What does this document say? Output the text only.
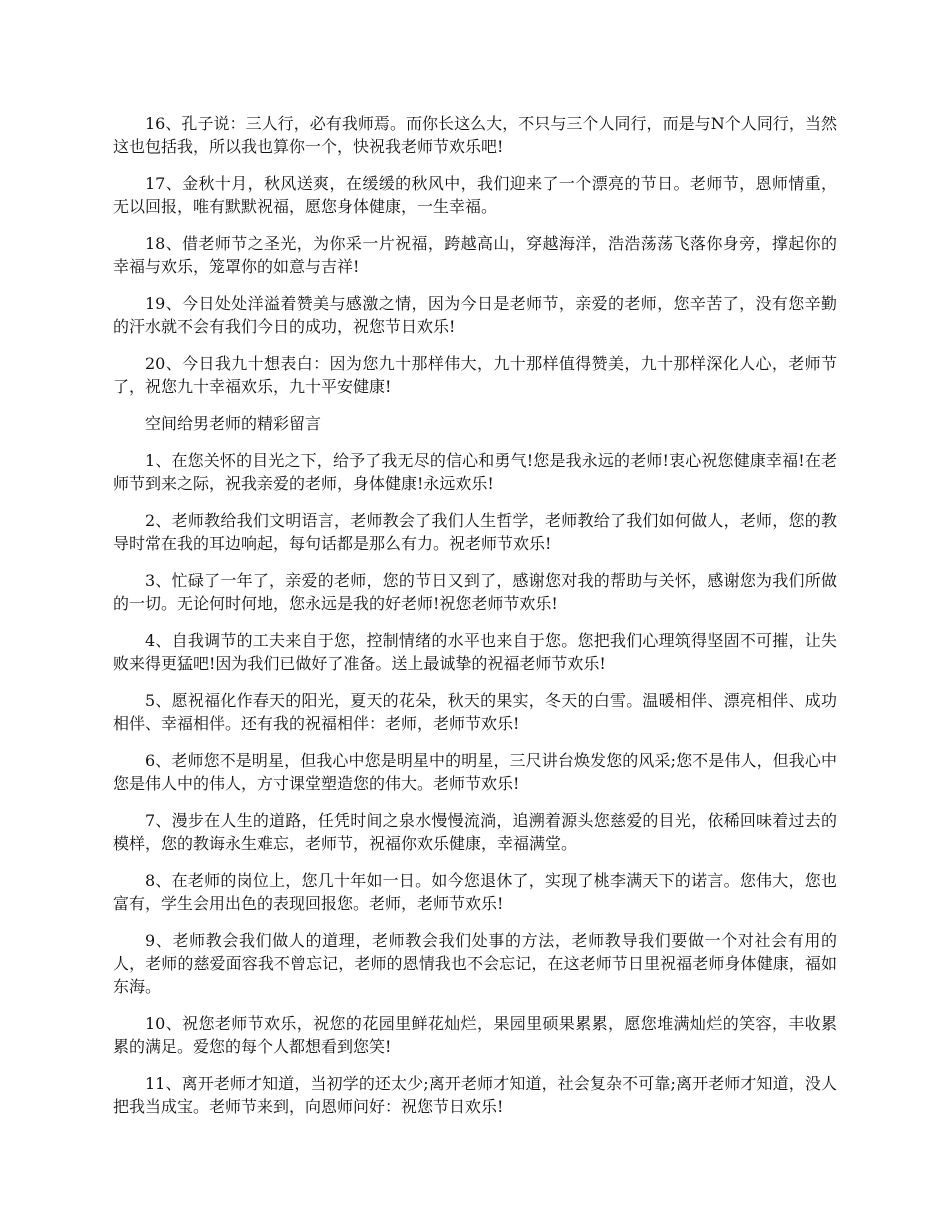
16、孔子说：三人行，必有我师焉。而你长这么大，不只与三个人同行，而是与N个人同行，当然这也包括我，所以我也算你一个，快祝我老师节欢乐吧!

17、金秋十月，秋风送爽，在缓缓的秋风中，我们迎来了一个漂亮的节日。老师节，恩师情重，无以回报，唯有默默祝福，愿您身体健康，一生幸福。

18、借老师节之圣光，为你采一片祝福，跨越高山，穿越海洋，浩浩荡荡飞落你身旁，撑起你的幸福与欢乐，笼罩你的如意与吉祥!

19、今日处处洋溢着赞美与感激之情，因为今日是老师节，亲爱的老师，您辛苦了，没有您辛勤的汗水就不会有我们今日的成功，祝您节日欢乐!

20、今日我九十想表白：因为您九十那样伟大，九十那样值得赞美，九十那样深化人心，老师节了，祝您九十幸福欢乐，九十平安健康!

空间给男老师的精彩留言

1、在您关怀的目光之下，给予了我无尽的信心和勇气!您是我永远的老师!衷心祝您健康幸福!在老师节到来之际，祝我亲爱的老师，身体健康!永远欢乐!

2、老师教给我们文明语言，老师教会了我们人生哲学，老师教给了我们如何做人，老师，您的教导时常在我的耳边响起，每句话都是那么有力。祝老师节欢乐!

3、忙碌了一年了，亲爱的老师，您的节日又到了，感谢您对我的帮助与关怀，感谢您为我们所做的一切。无论何时何地，您永远是我的好老师!祝您老师节欢乐!

4、自我调节的工夫来自于您，控制情绪的水平也来自于您。您把我们心理筑得坚固不可摧，让失败来得更猛吧!因为我们已做好了准备。送上最诚挚的祝福老师节欢乐!

5、愿祝福化作春天的阳光，夏天的花朵，秋天的果实，冬天的白雪。温暖相伴、漂亮相伴、成功相伴、幸福相伴。还有我的祝福相伴：老师，老师节欢乐!

6、老师您不是明星，但我心中您是明星中的明星，三尺讲台焕发您的风采;您不是伟人，但我心中您是伟人中的伟人，方寸课堂塑造您的伟大。老师节欢乐!

7、漫步在人生的道路，任凭时间之泉水慢慢流淌，追溯着源头您慈爱的目光，依稀回味着过去的模样，您的教诲永生难忘，老师节，祝福你欢乐健康，幸福满堂。

8、在老师的岗位上，您几十年如一日。如今您退休了，实现了桃李满天下的诺言。您伟大，您也富有，学生会用出色的表现回报您。老师，老师节欢乐!

9、老师教会我们做人的道理，老师教会我们处事的方法，老师教导我们要做一个对社会有用的人，老师的慈爱面容我不曾忘记，老师的恩情我也不会忘记，在这老师节日里祝福老师身体健康，福如东海。

10、祝您老师节欢乐，祝您的花园里鲜花灿烂，果园里硕果累累，愿您堆满灿烂的笑容，丰收累累的满足。爱您的每个人都想看到您笑!

11、离开老师才知道，当初学的还太少;离开老师才知道，社会复杂不可靠;离开老师才知道，没人把我当成宝。老师节来到，向恩师问好：祝您节日欢乐!
